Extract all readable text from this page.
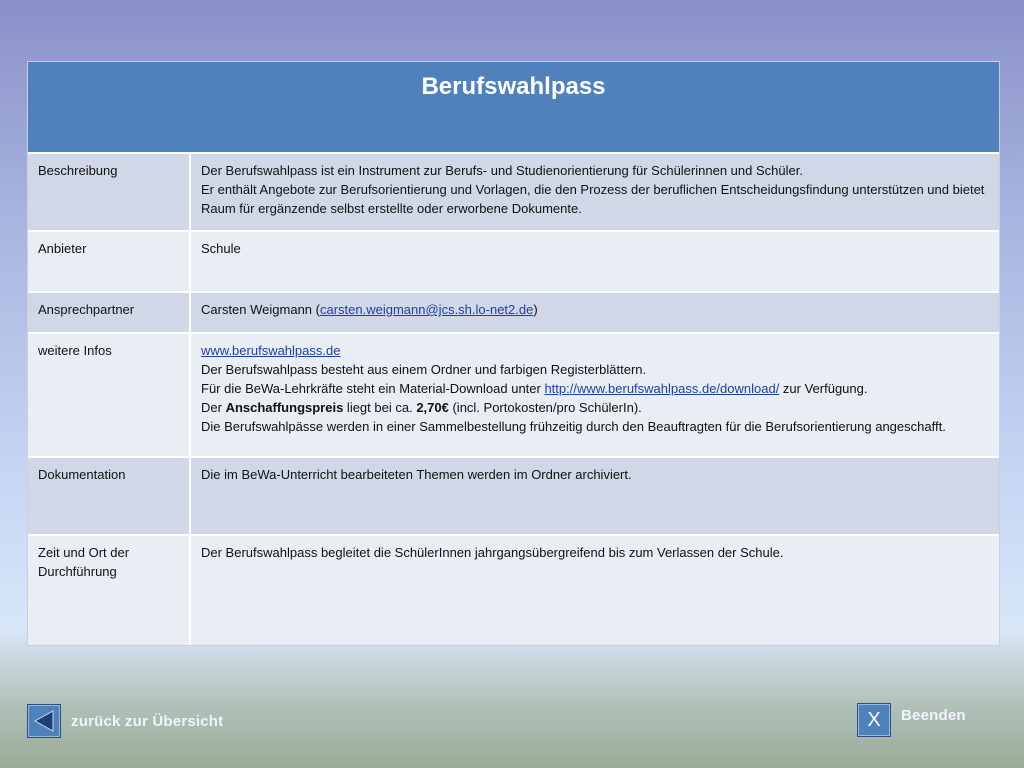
Berufswahlpass
Beschreibung	Der Berufswahlpass ist ein Instrument zur Berufs- und Studienorientierung für Schülerinnen und Schüler.
Er enthält Angebote zur Berufsorientierung und Vorlagen, die den Prozess der beruflichen Entscheidungsfindung unterstützen und bietet Raum für ergänzende selbst erstellte oder erworbene Dokumente.

Anbieter	Schule
Ansprechpartner	Carsten Weigmann (carsten.weigmann@jcs.sh.lo-net2.de)
weitere Infos	www.berufswahlpass.de
Der Berufswahlpass besteht aus einem Ordner und farbigen Registerblättern.
Für die BeWa-Lehrkräfte steht ein Material-Download unter http://www.berufswahlpass.de/download/ zur Verfügung.
Der Anschaffungspreis liegt bei ca. 2,70€ (incl. Portokosten/pro SchülerIn).
Die Berufswahlpässe werden in einer Sammelbestellung frühzeitig durch den Beauftragten für die Berufsorientierung angeschafft.

Dokumentation	Die im BeWa-Unterricht bearbeiteten Themen werden im Ordner archiviert.
Zeit und Ort der Durchführung	Der Berufswahlpass begleitet die SchülerInnen jahrgangsübergreifend bis zum Verlassen der Schule.
zurück zur Übersicht	X	Beenden
